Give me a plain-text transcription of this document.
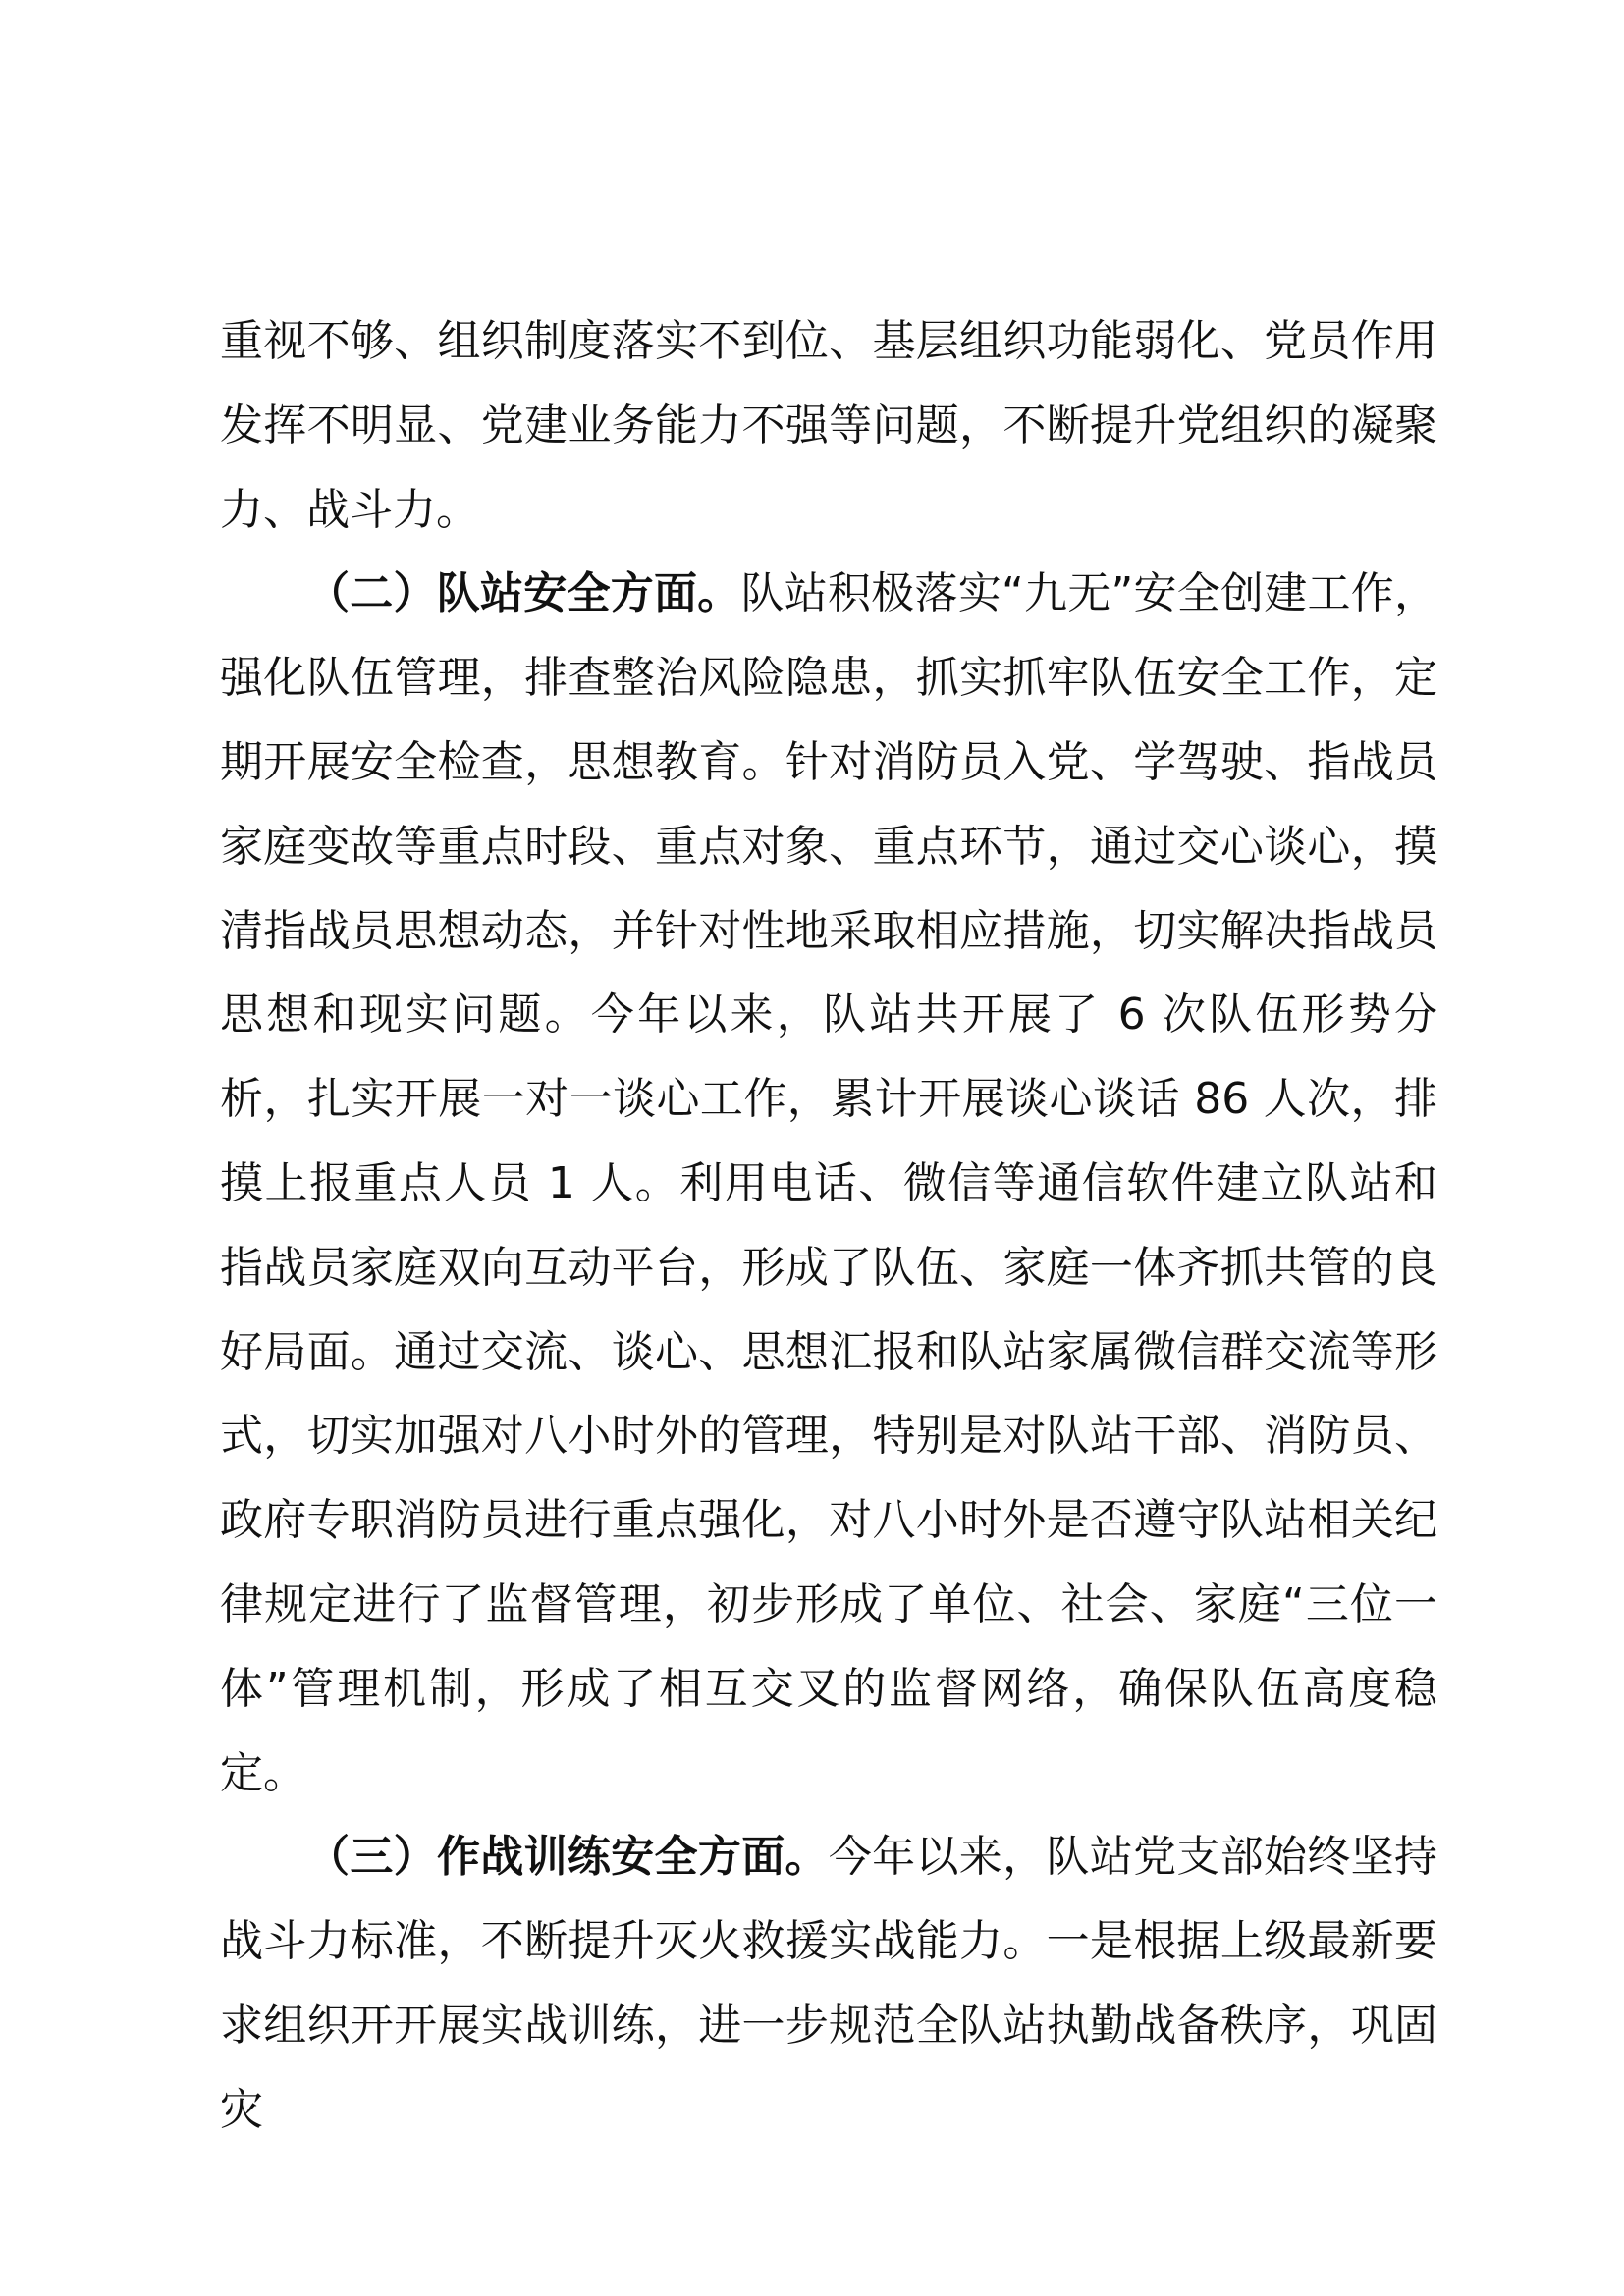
重视不够、组织制度落实不到位、基层组织功能弱化、党员作用发挥不明显、党建业务能力不强等问题，不断提升党组织的凝聚力、战斗力。

（二）队站安全方面。队站积极落实“九无”安全创建工作，强化队伍管理，排查整治风险隐患，抓实抓牢队伍安全工作，定期开展安全检查，思想教育。针对消防员入党、学驾驶、指战员家庭变故等重点时段、重点对象、重点环节，通过交心谈心，摸清指战员思想动态，并针对性地采取相应措施，切实解决指战员思想和现实问题。今年以来，队站共开展了 6 次队伍形势分析，扎实开展一对一谈心工作，累计开展谈心谈话 86 人次，排摸上报重点人员 1 人。利用电话、微信等通信软件建立队站和指战员家庭双向互动平台，形成了队伍、家庭一体齐抓共管的良好局面。通过交流、谈心、思想汇报和队站家属微信群交流等形式，切实加强对八小时外的管理，特别是对队站干部、消防员、政府专职消防员进行重点强化，对八小时外是否遵守队站相关纪律规定进行了监督管理，初步形成了单位、社会、家庭“三位一体”管理机制，形成了相互交叉的监督网络，确保队伍高度稳定。

（三）作战训练安全方面。今年以来，队站党支部始终坚持战斗力标准，不断提升灭火救援实战能力。一是根据上级最新要求组织开开展实战训练，进一步规范全队站执勤战备秩序，巩固灾
